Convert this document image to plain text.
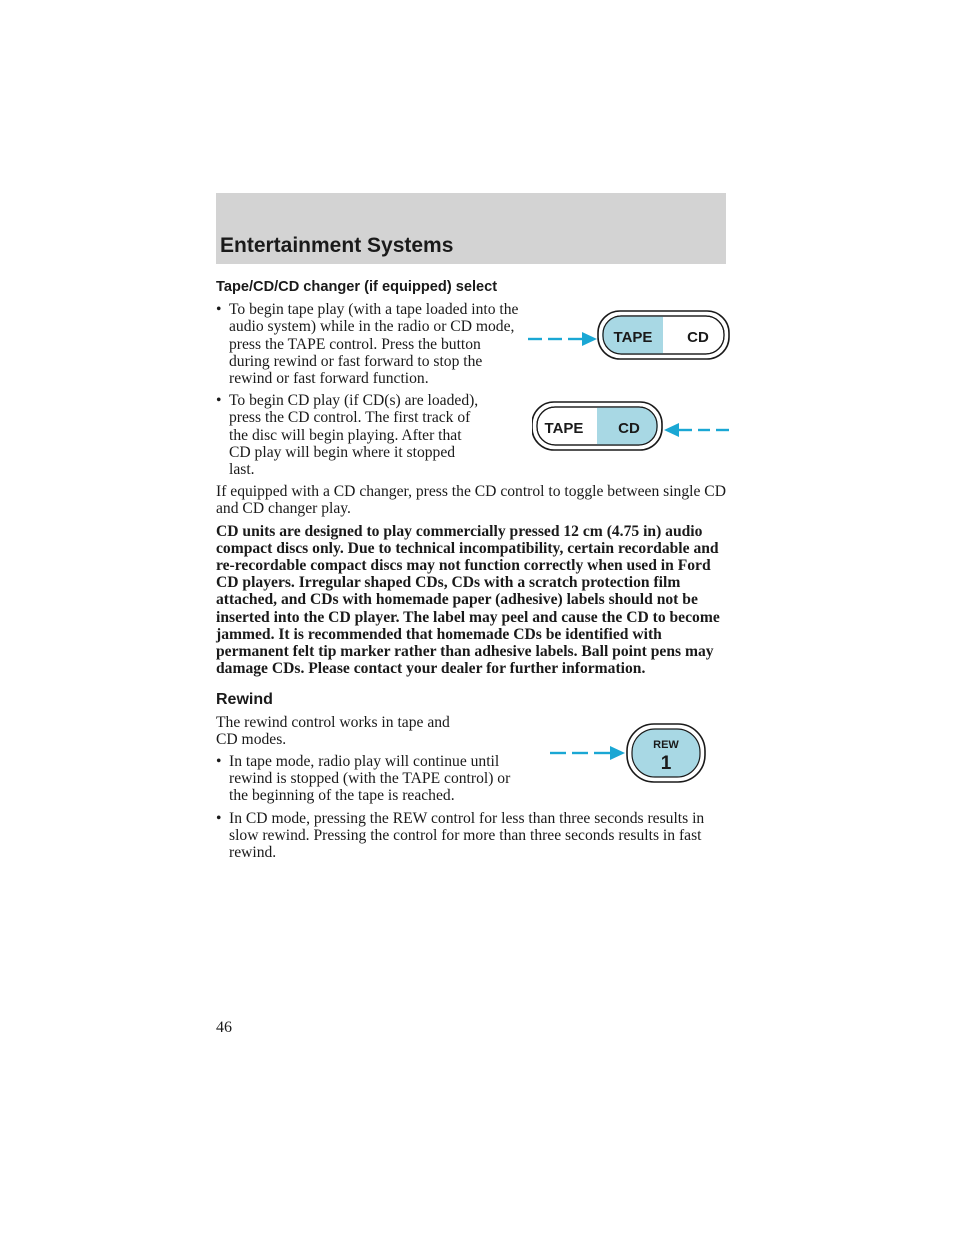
Entertainment Systems
Tape/CD/CD changer (if equipped) select
TAPE CD
• To begin tape play (with a tape loaded into the audio system) while in the radio or CD mode, press the TAPE control. Press the button during rewind or fast forward to stop the rewind or fast forward function.
TAPE CD
• To begin CD play (if CD(s) are loaded), press the CD control. The first track of the disc will begin playing. After that CD play will begin where it stopped last.
If equipped with a CD changer, press the CD control to toggle between single CD and CD changer play.
CD units are designed to play commercially pressed 12 cm (4.75 in) audio compact discs only. Due to technical incompatibility, certain recordable and re-recordable compact discs may not function correctly when used in Ford CD players. Irregular shaped CDs, CDs with a scratch protection film attached, and CDs with homemade paper (adhesive) labels should not be inserted into the CD player. The label may peel and cause the CD to become jammed. It is recommended that homemade CDs be identified with permanent felt tip marker rather than adhesive labels. Ball point pens may damage CDs. Please contact your dealer for further information.
Rewind
REW
1
The rewind control works in tape and CD modes.
• In tape mode, radio play will continue until rewind is stopped (with the TAPE control) or the beginning of the tape is reached.
• In CD mode, pressing the REW control for less than three seconds results in slow rewind. Pressing the control for more than three seconds results in fast rewind.
46
